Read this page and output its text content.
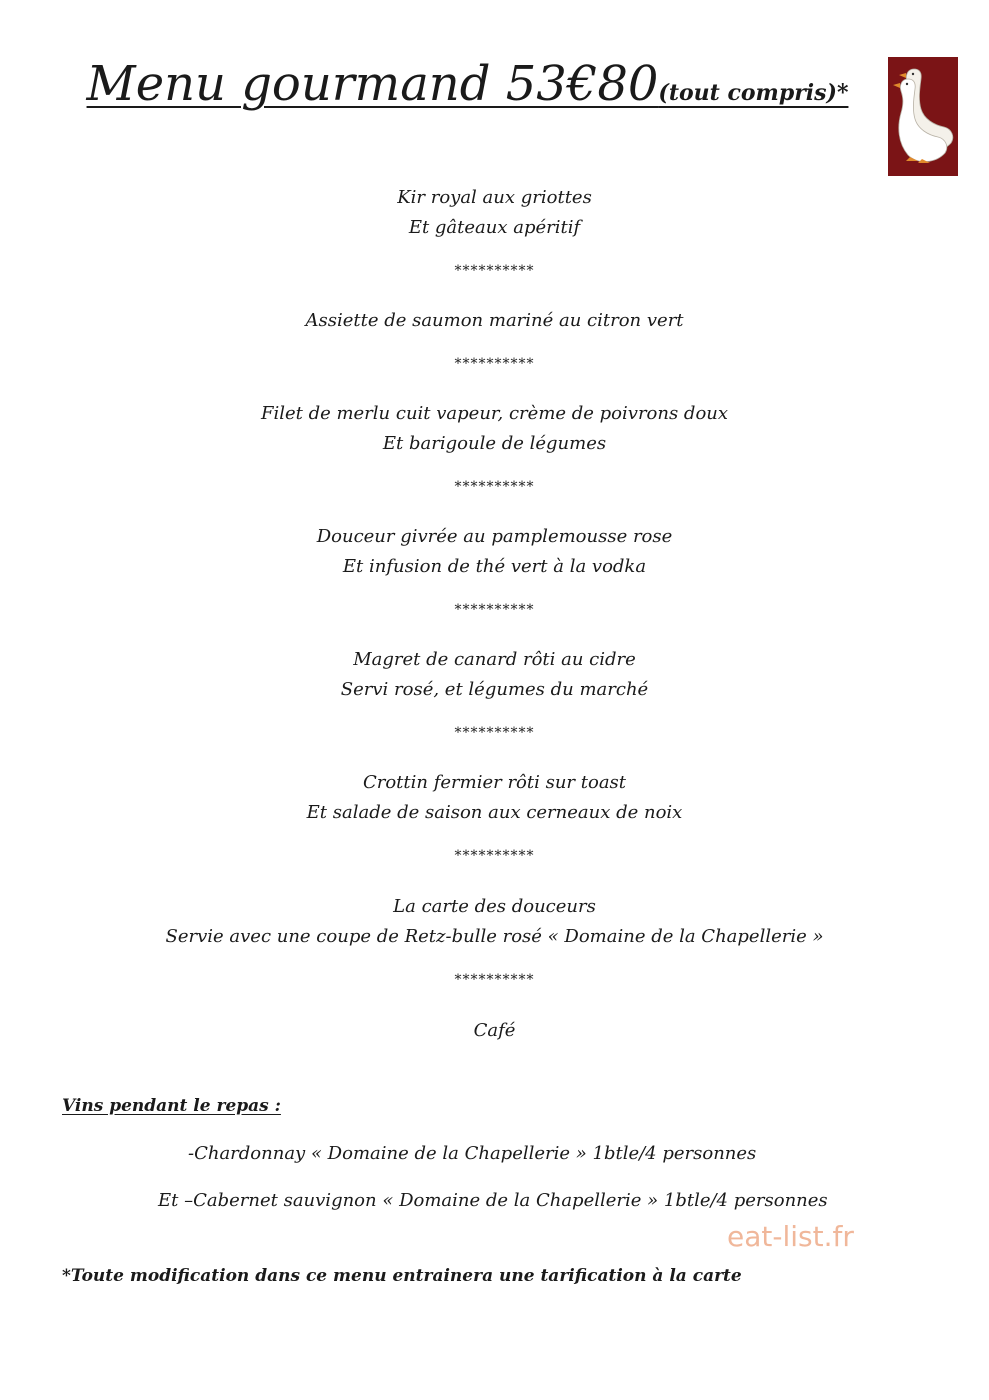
Menu gourmand 53€80(tout compris)*
Kir royal aux griottes
Et gâteaux apéritif
**********
Assiette de saumon mariné au citron vert
**********
Filet de merlu cuit vapeur, crème de poivrons doux
Et barigoule de légumes
**********
Douceur givrée au pamplemousse rose
Et infusion de thé vert à la vodka
**********
Magret de canard rôti au cidre
Servi rosé, et légumes du marché
**********
Crottin fermier rôti sur toast
Et salade de saison aux cerneaux de noix
**********
La carte des douceurs
Servie avec une coupe de Retz-bulle rosé « Domaine de la Chapellerie »
**********
Café
Vins pendant le repas :
-Chardonnay « Domaine de la Chapellerie » 1btle/4 personnes
Et –Cabernet sauvignon « Domaine de la Chapellerie » 1btle/4 personnes
eat-list.fr
*Toute modification dans ce menu entrainera une tarification à la carte
